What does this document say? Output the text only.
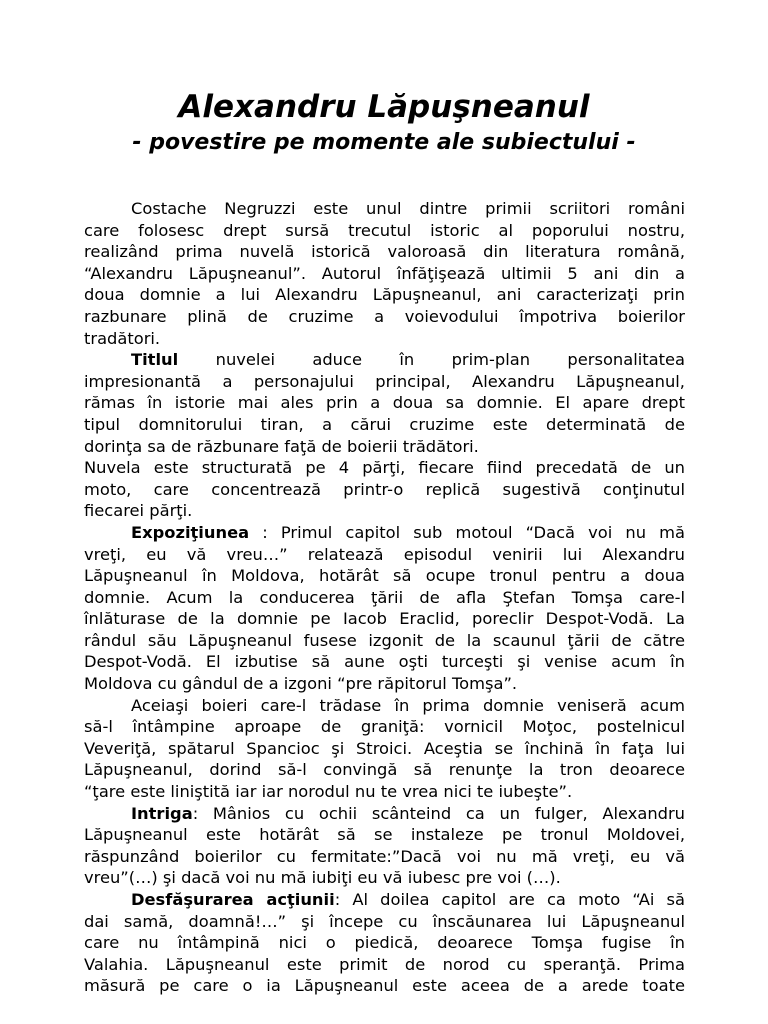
Alexandru Lăpuşneanul
- povestire pe momente ale subiectului -
Costache Negruzzi este unul dintre primii scriitori români
care folosesc drept sursă trecutul istoric al poporului nostru,
realizând prima nuvelă istorică valoroasă din literatura română,
“Alexandru Lăpuşneanul”. Autorul înfăţişează ultimii 5 ani din a
doua domnie a lui Alexandru Lăpuşneanul, ani caracterizaţi prin
razbunare plină de cruzime a voievodului împotriva boierilor
tradători.
Titlul nuvelei aduce în prim-plan personalitatea
impresionantă a personajului principal, Alexandru Lăpuşneanul,
rămas în istorie mai ales prin a doua sa domnie. El apare drept
tipul domnitorului tiran, a cărui cruzime este determinată de
dorinţa sa de răzbunare faţă de boierii trădători.
Nuvela este structurată pe 4 părţi, fiecare fiind precedată de un
moto, care concentrează printr-o replică sugestivă conţinutul
fiecarei părţi.
Expoziţiunea : Primul capitol sub motoul “Dacă voi nu mă
vreţi, eu vă vreu…” relatează episodul venirii lui Alexandru
Lăpuşneanul în Moldova, hotărât să ocupe tronul pentru a doua
domnie. Acum la conducerea ţării de afla Ştefan Tomşa care-l
înlăturase de la domnie pe Iacob Eraclid, poreclir Despot-Vodă. La
rândul său Lăpuşneanul fusese izgonit de la scaunul ţării de către
Despot-Vodă. El izbutise să aune oşti turceşti şi venise acum în
Moldova cu gândul de a izgoni “pre răpitorul Tomşa”.
Aceiaşi boieri care-l trădase în prima domnie veniseră acum
să-l întâmpine aproape de graniţă: vornicil Moţoc, postelnicul
Veveriţă, spătarul Spancioc şi Stroici. Aceştia se închină în faţa lui
Lăpuşneanul, dorind să-l convingă să renunţe la tron deoarece
“ţare este liniştită iar iar norodul nu te vrea nici te iubeşte”.
Intriga: Mânios cu ochii scânteind ca un fulger, Alexandru
Lăpuşneanul este hotărât să se instaleze pe tronul Moldovei,
răspunzând boierilor cu fermitate:”Dacă voi nu mă vreţi, eu vă
vreu”(…) şi dacă voi nu mă iubiţi eu vă iubesc pre voi (…).
Desfăşurarea acţiunii: Al doilea capitol are ca moto “Ai să
dai samă, doamnă!…” şi începe cu înscăunarea lui Lăpuşneanul
care nu întâmpină nici o piedică, deoarece Tomşa fugise în
Valahia. Lăpuşneanul este primit de norod cu speranţă. Prima
măsură pe care o ia Lăpuşneanul este aceea de a arede toate
